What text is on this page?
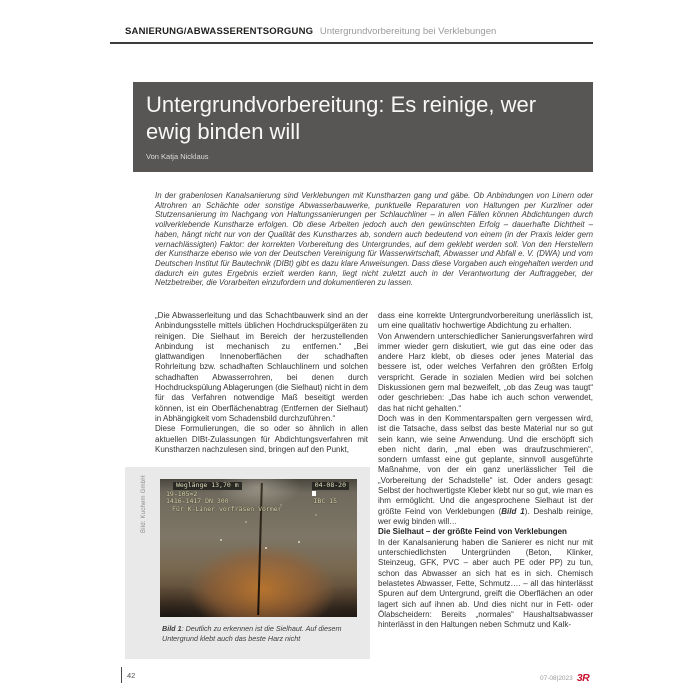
SANIERUNG/ABWASSERENTSORGUNG Untergrundvorbereitung bei Verklebungen
Untergrundvorbereitung: Es reinige, wer ewig binden will
Von Katja Nicklaus
In der grabenlosen Kanalsanierung sind Verklebungen mit Kunstharzen gang und gäbe. Ob Anbindungen von Linern oder Altrohren an Schächte oder sonstige Abwasserbauwerke, punktuelle Reparaturen von Haltungen per Kurzliner oder Stutzensanierung im Nachgang von Haltungssanierungen per Schlauchliner – in allen Fällen können Abdichtungen durch vollverklebende Kunstharze erfolgen. Ob diese Arbeiten jedoch auch den gewünschten Erfolg – dauerhafte Dichtheit – haben, hängt nicht nur von der Qualität des Kunstharzes ab, sondern auch bedeutend von einem (in der Praxis leider gern vernachlässigten) Faktor: der korrekten Vorbereitung des Untergrundes, auf dem geklebt werden soll. Von den Herstellern der Kunstharze ebenso wie von der Deutschen Vereinigung für Wasserwirtschaft, Abwasser und Abfall e. V. (DWA) und vom Deutschen Institut für Bautechnik (DIBt) gibt es dazu klare Anweisungen. Dass diese Vorgaben auch eingehalten werden und dadurch ein gutes Ergebnis erzielt werden kann, liegt nicht zuletzt auch in der Verantwortung der Auftraggeber, der Netzbetreiber, die Vorarbeiten einzufordern und dokumentieren zu lassen.

„Die Abwasserleitung und das Schachtbauwerk sind an der Anbindungsstelle mittels üblichen Hochdruckspülgeräten zu reinigen. Die Sielhaut im Bereich der herzustellenden Anbindung ist mechanisch zu entfernen.“ „Bei glattwandigen Innenoberflächen der schadhaften Rohrleitung bzw. schadhaften Schlauchlinern und solchen schadhaften Abwasserrohren, bei denen durch Hochdruckspülung Ablagerungen (die Sielhaut) nicht in dem für das Verfahren notwendige Maß beseitigt werden können, ist ein Oberflächenabtrag (Entfernen der Sielhaut) in Abhängigkeit vom Schadensbild durchzuführen.“

Diese Formulierungen, die so oder so ähnlich in allen aktuellen DIBt-Zulassungen für Abdichtungsverfahren mit Kunstharzen nachzulesen sind, bringen auf den Punkt,

Bild: Kuchem GmbH	Weglänge 13,70 m	04-08-20
19-105=2
1416-1417 DN 300	IBC 15
Für K-Liner vorfräsen Vormer
Bild 1: Deutlich zu erkennen ist die Sielhaut. Auf diesem Untergrund klebt auch das beste Harz nicht

dass eine korrekte Untergrundvorbereitung unerlässlich ist, um eine qualitativ hochwertige Abdichtung zu erhalten.

Von Anwendern unterschiedlicher Sanierungsverfahren wird immer wieder gern diskutiert, wie gut das eine oder das andere Harz klebt, ob dieses oder jenes Material das bessere ist, oder welches Verfahren den größten Erfolg verspricht. Gerade in sozialen Medien wird bei solchen Diskussionen gern mal bezweifelt, „ob das Zeug was taugt“ oder geschrieben: „Das habe ich auch schon verwendet, das hat nicht gehalten.“

Doch was in den Kommentarspalten gern vergessen wird, ist die Tatsache, dass selbst das beste Material nur so gut sein kann, wie seine Anwendung. Und die erschöpft sich eben nicht darin, „mal eben was draufzuschmieren“, sondern umfasst eine gut geplante, sinnvoll ausgeführte Maßnahme, von der ein ganz unerlässlicher Teil die „Vorbereitung der Schadstelle“ ist. Oder anders gesagt: Selbst der hochwertigste Kleber klebt nur so gut, wie man es ihm ermöglicht. Und die angesprochene Sielhaut ist der größte Feind von Verklebungen (Bild 1). Deshalb reinige, wer ewig binden will…

Die Sielhaut – der größte Feind von Verklebungen

In der Kanalsanierung haben die Sanierer es nicht nur mit unterschiedlichsten Untergründen (Beton, Klinker, Steinzeug, GFK, PVC – aber auch PE oder PP) zu tun, schon das Abwasser an sich hat es in sich. Chemisch belastetes Abwasser, Fette, Schmutz…. – all das hinterlässt Spuren auf dem Untergrund, greift die Oberflächen an oder lagert sich auf ihnen ab. Und dies nicht nur in Fett- oder Ölabscheidern: Bereits „normales“ Haushaltsabwasser hinterlässt in den Haltungen neben Schmutz und Kalk-

42	07-08|2023 3R
